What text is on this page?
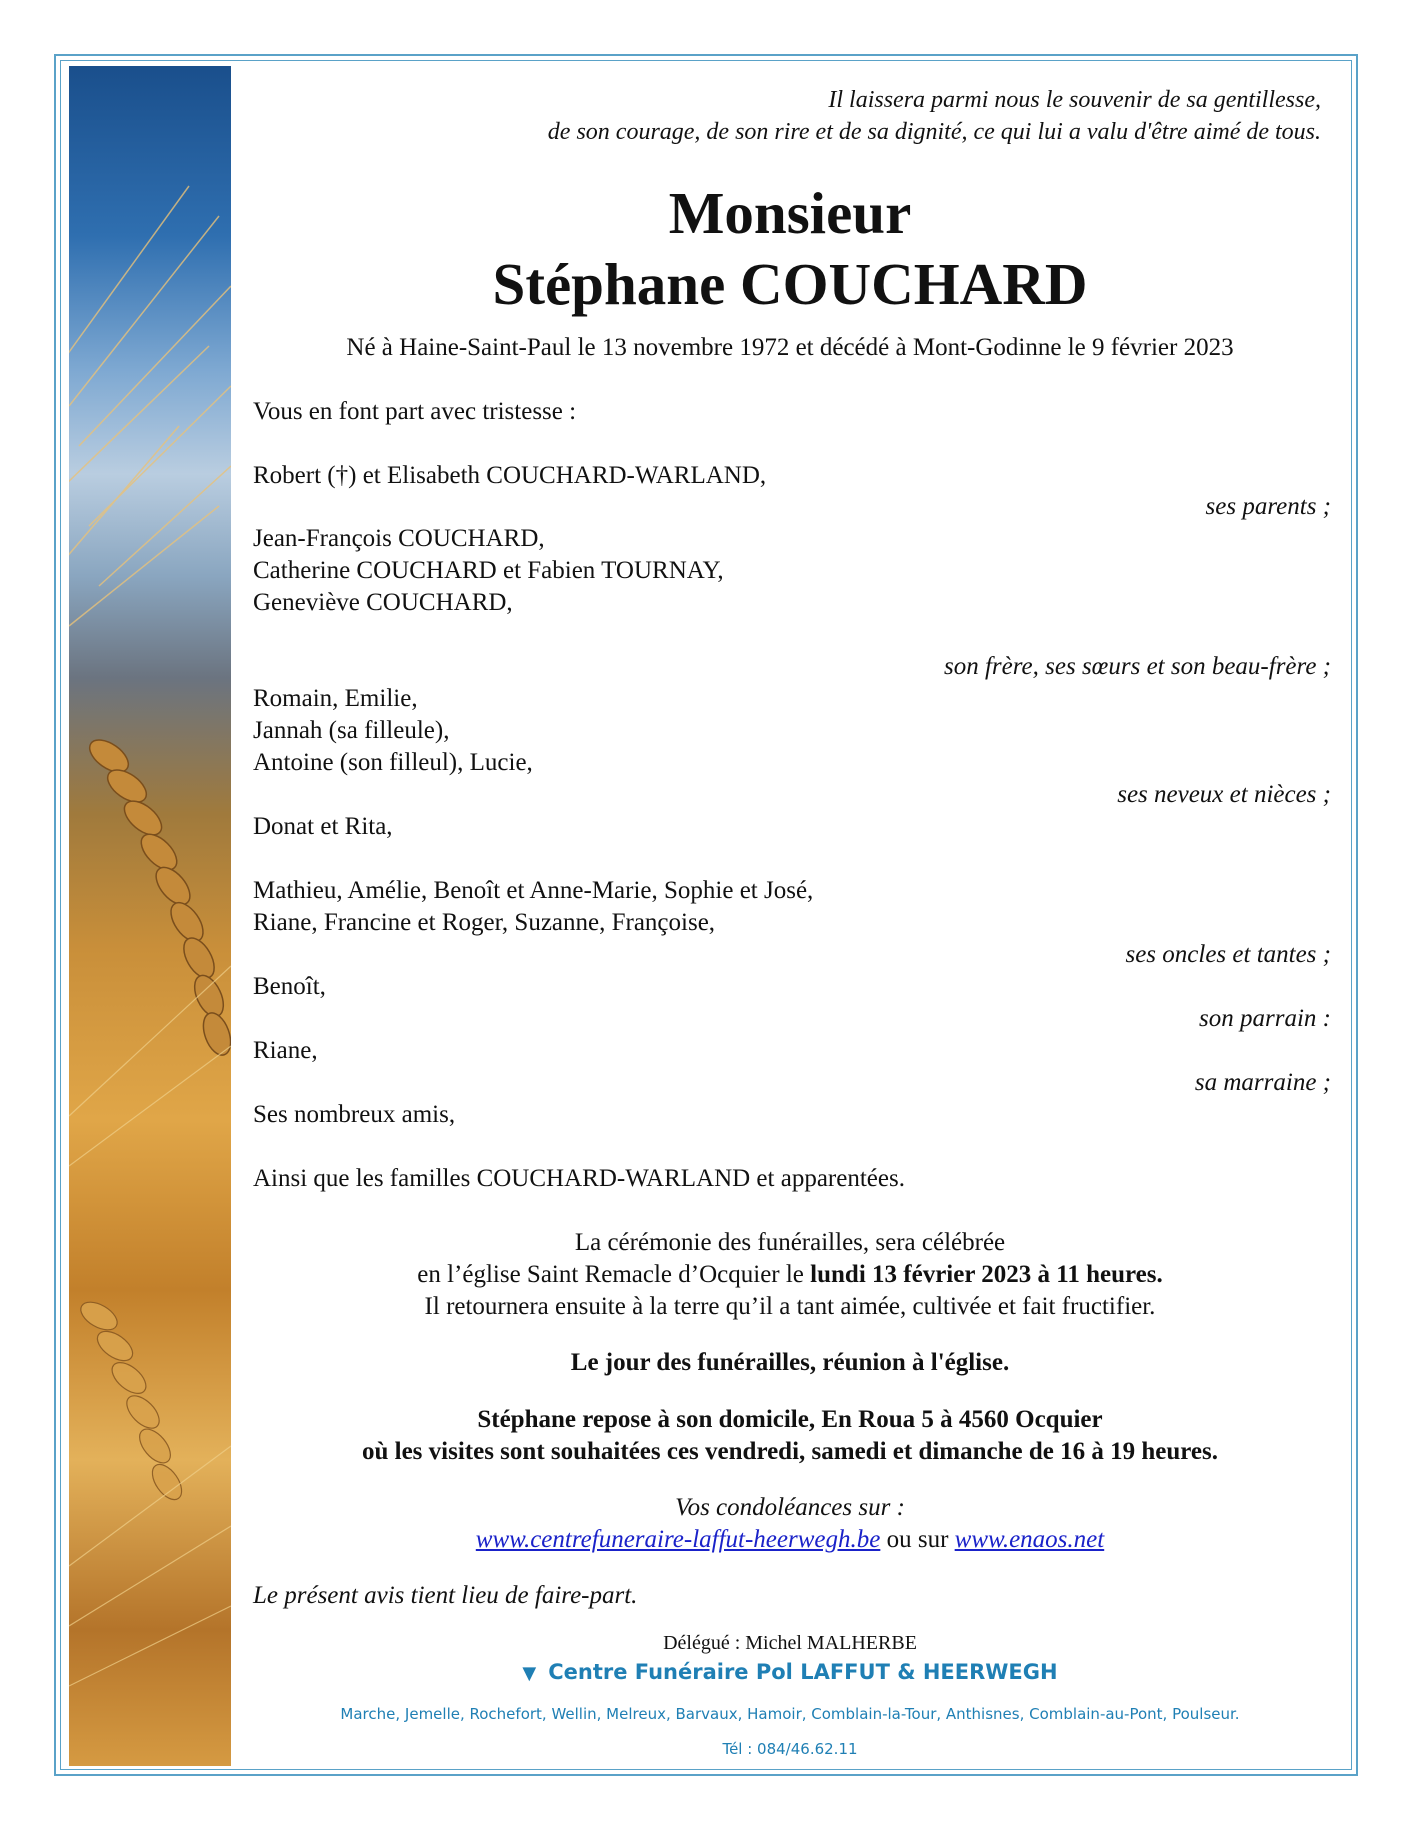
Il laissera parmi nous le souvenir de sa gentillesse,
de son courage, de son rire et de sa dignité, ce qui lui a valu d'être aimé de tous.
Monsieur
Stéphane COUCHARD
Né à Haine-Saint-Paul le 13 novembre 1972 et décédé à Mont-Godinne le 9 février 2023
Vous en font part avec tristesse :
Robert (†) et Elisabeth COUCHARD-WARLAND,
ses parents ;
Jean-François COUCHARD,
Catherine COUCHARD et Fabien TOURNAY,
Geneviève COUCHARD,
son frère, ses sœurs et son beau-frère ;
Romain, Emilie,
Jannah (sa filleule),
Antoine (son filleul), Lucie,
ses neveux et nièces ;
Donat et Rita,
Mathieu, Amélie, Benoît et Anne-Marie, Sophie et José,
Riane, Francine et Roger, Suzanne, Françoise,
ses oncles et tantes ;
Benoît,
son parrain :
Riane,
sa marraine ;
Ses nombreux amis,
Ainsi que les familles COUCHARD-WARLAND et apparentées.
La cérémonie des funérailles, sera célébrée
en l’église Saint Remacle d’Ocquier le lundi 13 février 2023 à 11 heures.
Il retournera ensuite à la terre qu’il a tant aimée, cultivée et fait fructifier.
Le jour des funérailles, réunion à l'église.
Stéphane repose à son domicile, En Roua 5 à 4560 Ocquier
où les visites sont souhaitées ces vendredi, samedi et dimanche de 16 à 19 heures.
Vos condoléances sur :
www.centrefuneraire-laffut-heerwegh.be ou sur www.enaos.net
Le présent avis tient lieu de faire-part.
Délégué : Michel MALHERBE
▼ Centre Funéraire Pol LAFFUT & HEERWEGH
Marche, Jemelle, Rochefort, Wellin, Melreux, Barvaux, Hamoir, Comblain-la-Tour, Anthisnes, Comblain-au-Pont, Poulseur.
Tél : 084/46.62.11
